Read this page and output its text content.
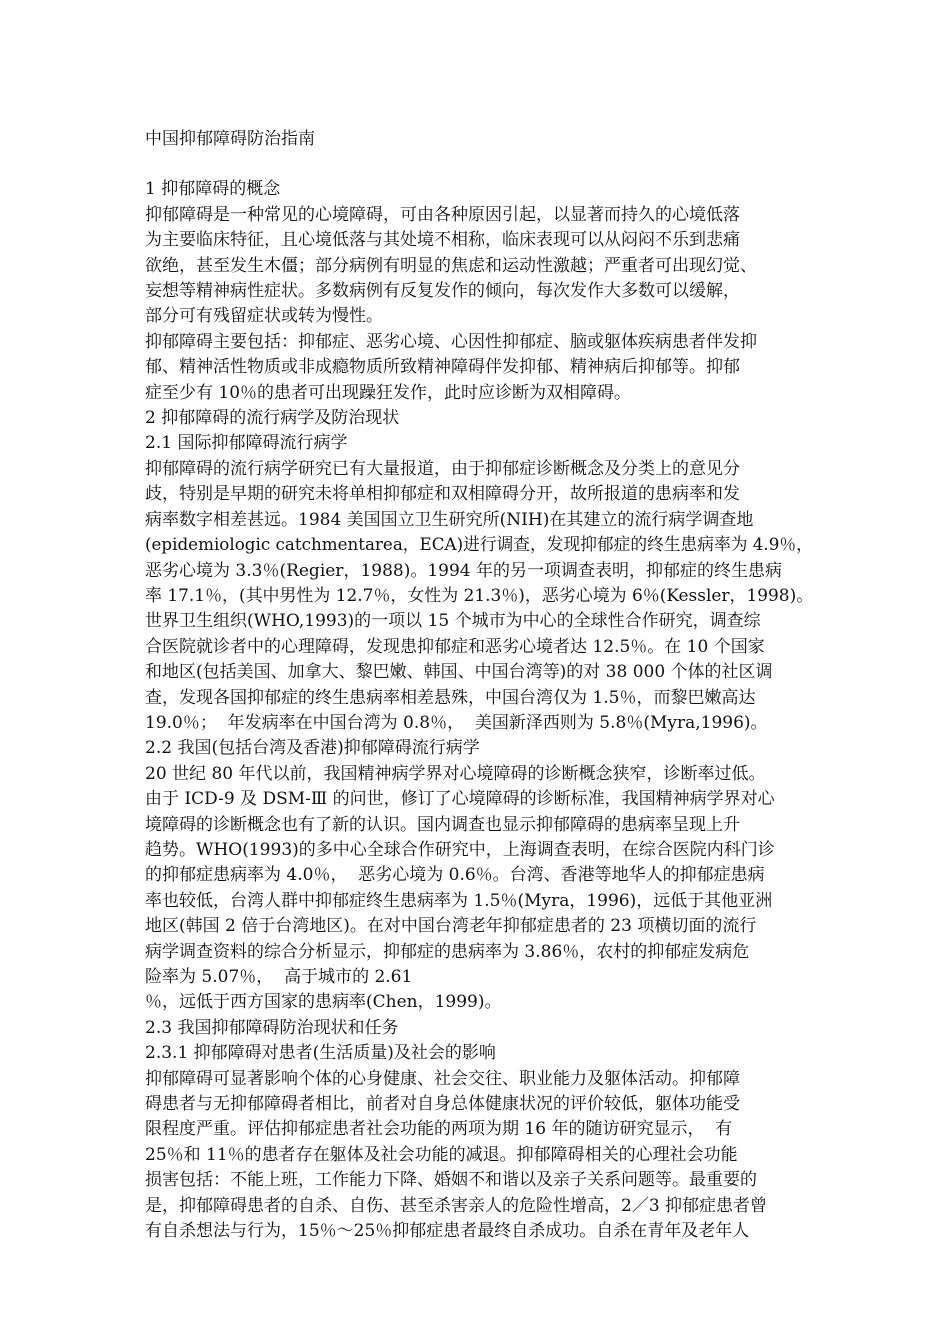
中国抑郁障碍防治指南
1 抑郁障碍的概念
抑郁障碍是一种常见的心境障碍，可由各种原因引起，以显著而持久的心境低落
为主要临床特征，且心境低落与其处境不相称，临床表现可以从闷闷不乐到悲痛
欲绝，甚至发生木僵；部分病例有明显的焦虑和运动性激越；严重者可出现幻觉、
妄想等精神病性症状。多数病例有反复发作的倾向，每次发作大多数可以缓解，
部分可有残留症状或转为慢性。
抑郁障碍主要包括：抑郁症、恶劣心境、心因性抑郁症、脑或躯体疾病患者伴发抑
郁、精神活性物质或非成瘾物质所致精神障碍伴发抑郁、精神病后抑郁等。抑郁
症至少有 10％的患者可出现躁狂发作，此时应诊断为双相障碍。
2 抑郁障碍的流行病学及防治现状
2.1 国际抑郁障碍流行病学
抑郁障碍的流行病学研究已有大量报道，由于抑郁症诊断概念及分类上的意见分
歧，特别是早期的研究未将单相抑郁症和双相障碍分开，故所报道的患病率和发
病率数字相差甚远。1984 美国国立卫生研究所(NIH)在其建立的流行病学调查地
(epidemiologic catchmentarea，ECA)进行调查，发现抑郁症的终生患病率为 4.9％，
恶劣心境为 3.3％(Regier，1988)。1994 年的另一项调查表明，抑郁症的终生患病
率 17.1％，(其中男性为 12.7％，女性为 21.3％)，恶劣心境为 6％(Kessler，1998)。
世界卫生组织(WHO,1993)的一项以 15 个城市为中心的全球性合作研究，调查综
合医院就诊者中的心理障碍，发现患抑郁症和恶劣心境者达 12.5％。在 10 个国家
和地区(包括美国、加拿大、黎巴嫩、韩国、中国台湾等)的对 38 000 个体的社区调
查，发现各国抑郁症的终生患病率相差悬殊，中国台湾仅为 1.5％，而黎巴嫩高达
19.0％；  年发病率在中国台湾为 0.8％，  美国新泽西则为 5.8％(Myra,1996)。
2.2 我国(包括台湾及香港)抑郁障碍流行病学
20 世纪 80 年代以前，我国精神病学界对心境障碍的诊断概念狭窄，诊断率过低。
由于 ICD-9 及 DSM-Ⅲ 的问世，修订了心境障碍的诊断标准，我国精神病学界对心
境障碍的诊断概念也有了新的认识。国内调查也显示抑郁障碍的患病率呈现上升
趋势。WHO(1993)的多中心全球合作研究中，上海调查表明，在综合医院内科门诊
的抑郁症患病率为 4.0％，  恶劣心境为 0.6％。台湾、香港等地华人的抑郁症患病
率也较低，台湾人群中抑郁症终生患病率为 1.5％(Myra，1996)，远低于其他亚洲
地区(韩国 2 倍于台湾地区)。在对中国台湾老年抑郁症患者的 23 项横切面的流行
病学调查资料的综合分析显示，抑郁症的患病率为 3.86％，农村的抑郁症发病危
险率为 5.07％，  高于城市的 2.61
％，远低于西方国家的患病率(Chen，1999)。
2.3 我国抑郁障碍防治现状和任务
2.3.1 抑郁障碍对患者(生活质量)及社会的影响
抑郁障碍可显著影响个体的心身健康、社会交往、职业能力及躯体活动。抑郁障
碍患者与无抑郁障碍者相比，前者对自身总体健康状况的评价较低，躯体功能受
限程度严重。评估抑郁症患者社会功能的两项为期 16 年的随访研究显示，  有
25％和 11％的患者存在躯体及社会功能的减退。抑郁障碍相关的心理社会功能
损害包括：不能上班，工作能力下降、婚姻不和谐以及亲子关系问题等。最重要的
是，抑郁障碍患者的自杀、自伤、甚至杀害亲人的危险性增高，2／3 抑郁症患者曾
有自杀想法与行为，15％～25％抑郁症患者最终自杀成功。自杀在青年及老年人
